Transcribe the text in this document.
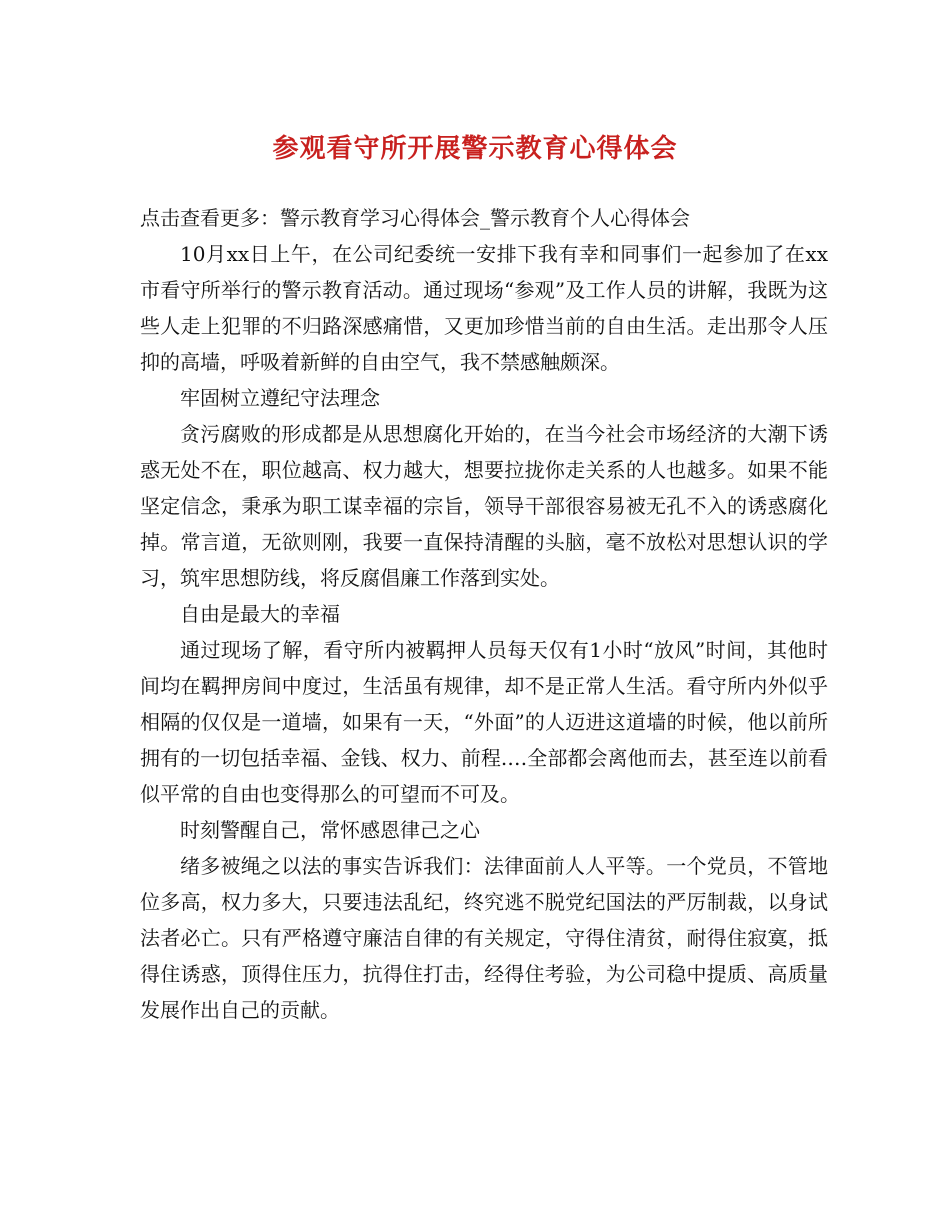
参观看守所开展警示教育心得体会

点击查看更多：警示教育学习心得体会_警示教育个人心得体会

10月xx日上午，在公司纪委统一安排下我有幸和同事们一起参加了在xx市看守所举行的警示教育活动。通过现场“参观”及工作人员的讲解，我既为这些人走上犯罪的不归路深感痛惜，又更加珍惜当前的自由生活。走出那令人压抑的高墙，呼吸着新鲜的自由空气，我不禁感触颇深。

牢固树立遵纪守法理念

贪污腐败的形成都是从思想腐化开始的，在当今社会市场经济的大潮下诱惑无处不在，职位越高、权力越大，想要拉拢你走关系的人也越多。如果不能坚定信念，秉承为职工谋幸福的宗旨，领导干部很容易被无孔不入的诱惑腐化掉。常言道，无欲则刚，我要一直保持清醒的头脑，毫不放松对思想认识的学习，筑牢思想防线，将反腐倡廉工作落到实处。

自由是最大的幸福

通过现场了解，看守所内被羁押人员每天仅有1小时“放风”时间，其他时间均在羁押房间中度过，生活虽有规律，却不是正常人生活。看守所内外似乎相隔的仅仅是一道墙，如果有一天，“外面”的人迈进这道墙的时候，他以前所拥有的一切包括幸福、金钱、权力、前程.…全部都会离他而去，甚至连以前看似平常的自由也变得那么的可望而不可及。

时刻警醒自己，常怀感恩律己之心

绪多被绳之以法的事实告诉我们：法律面前人人平等。一个党员，不管地位多高，权力多大，只要违法乱纪，终究逃不脱党纪国法的严厉制裁，以身试法者必亡。只有严格遵守廉洁自律的有关规定，守得住清贫，耐得住寂寞，抵得住诱惑，顶得住压力，抗得住打击，经得住考验，为公司稳中提质、高质量发展作出自己的贡献。
